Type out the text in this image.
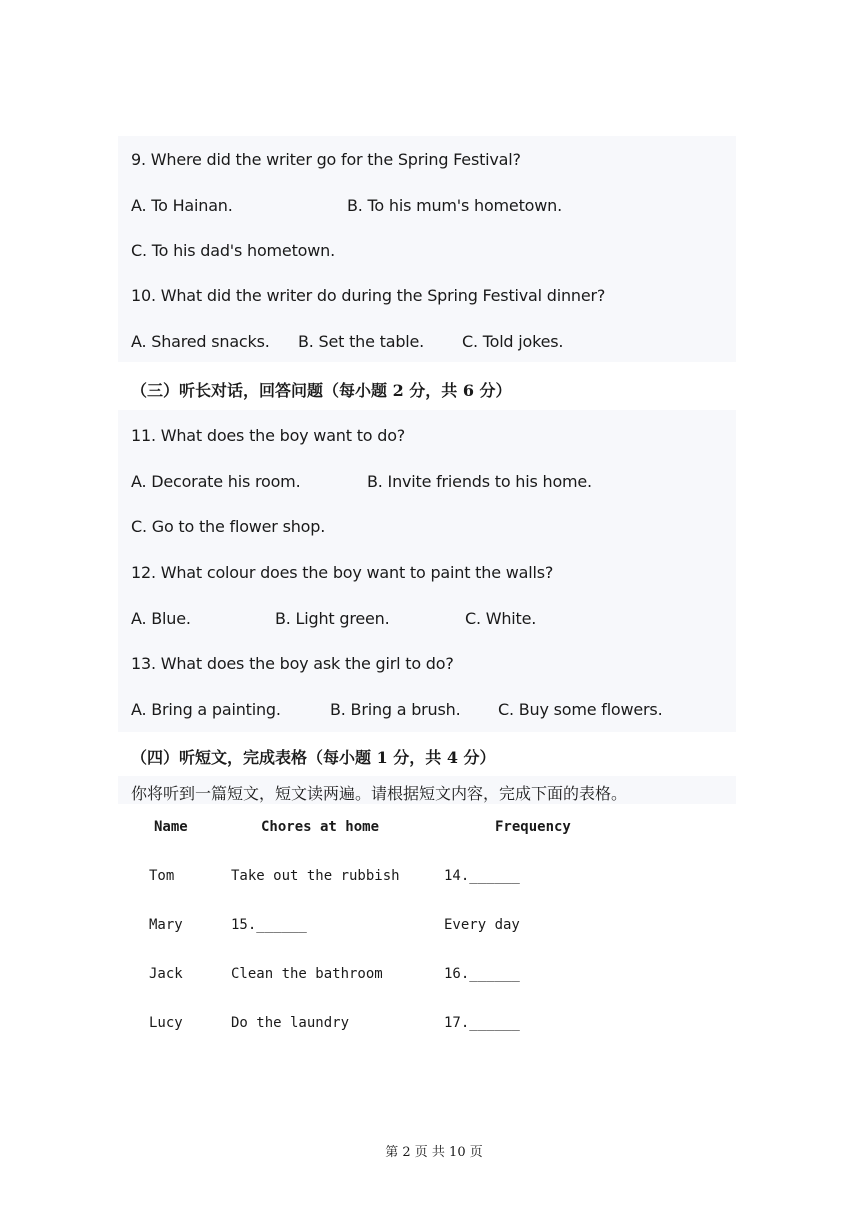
9. Where did the writer go for the Spring Festival?
A. To Hainan.	B. To his mum's hometown.
C. To his dad's hometown.
10. What did the writer do during the Spring Festival dinner?
A. Shared snacks. B. Set the table. C. Told jokes.
（三）听长对话，回答问题（每小题 2 分，共 6 分）
11. What does the boy want to do?
A. Decorate his room.	B. Invite friends to his home.
C. Go to the flower shop.
12. What colour does the boy want to paint the walls?
A. Blue.	B. Light green.	C. White.
13. What does the boy ask the girl to do?
A. Bring a painting.	B. Bring a brush. C. Buy some flowers.
（四）听短文，完成表格（每小题 1 分，共 4 分）
你将听到一篇短文，短文读两遍。请根据短文内容，完成下面的表格。
Name	Chores at home	Frequency
Tom	Take out the rubbish	14.______
Mary	15.______	Every day
Jack	Clean the bathroom	16.______
Lucy	Do the laundry	17.______
第 2 页 共 10 页
